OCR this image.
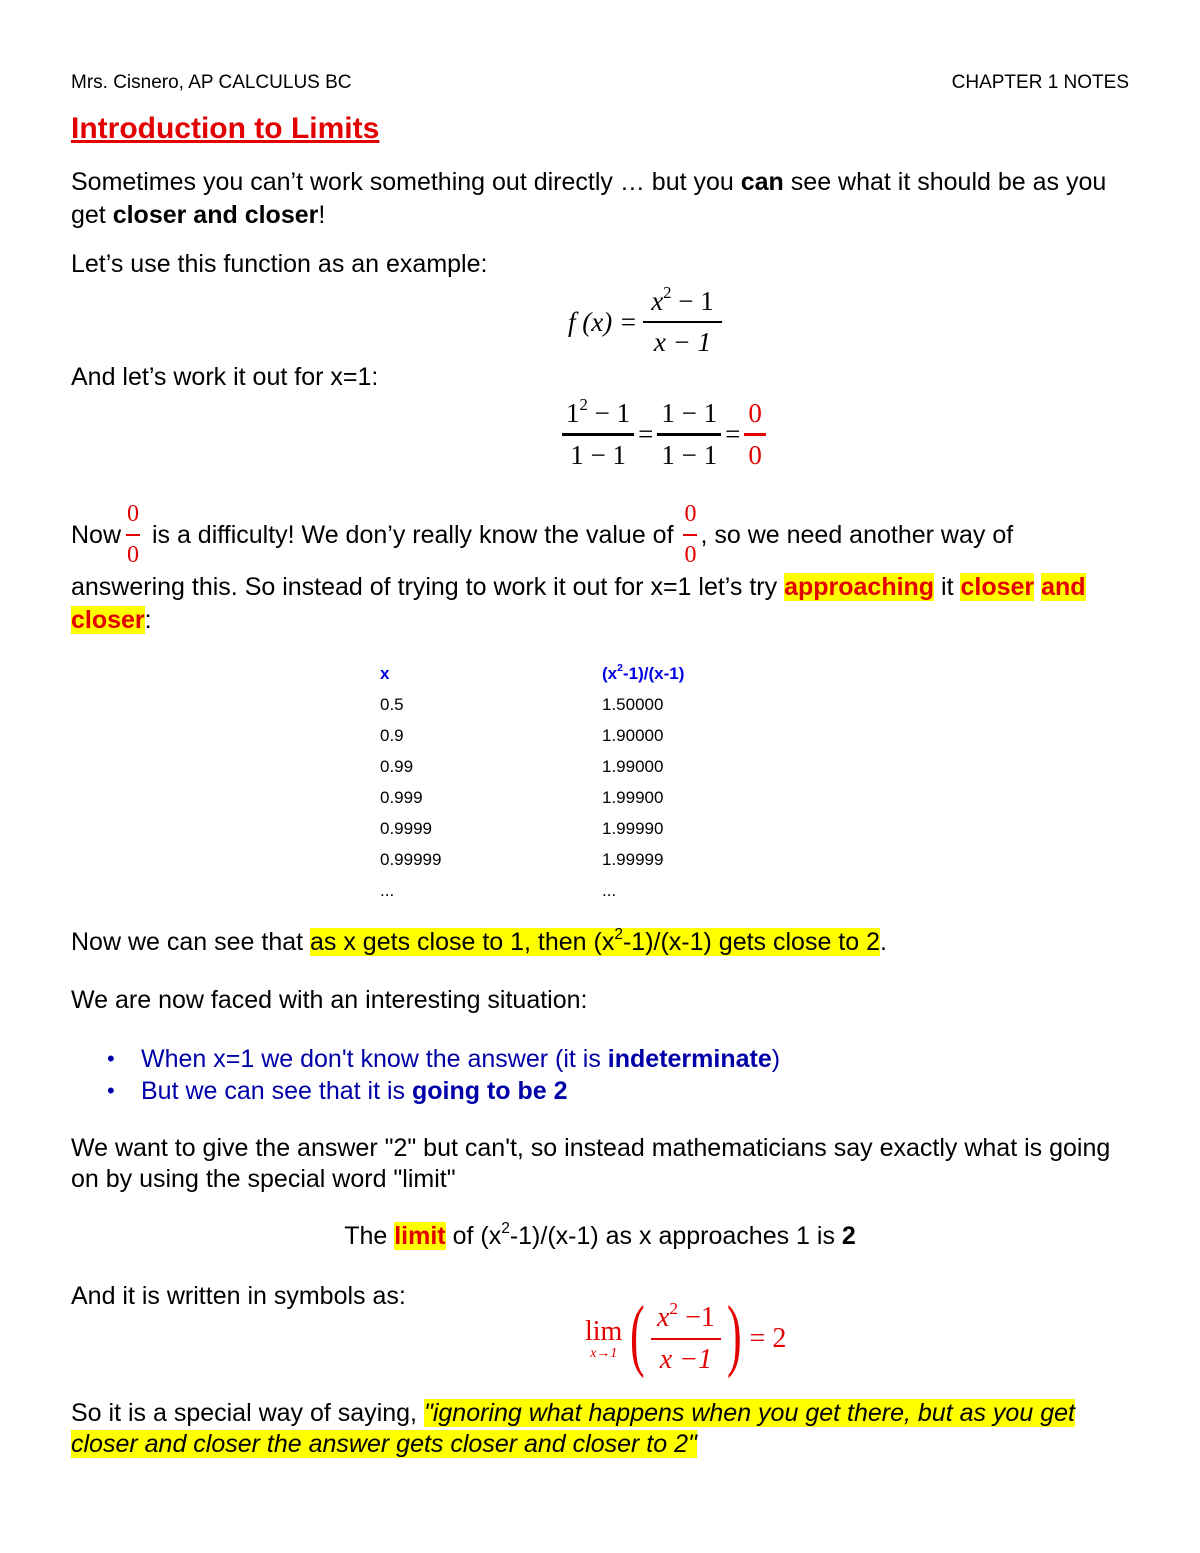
Mrs. Cisnero, AP CALCULUS BC	CHAPTER 1 NOTES
Introduction to Limits
Sometimes you can’t work something out directly … but you can see what it should be as you get closer and closer!
Let’s use this function as an example:
f $(x) = \frac{x^2 - 1}{x - 1}$
And let’s work it out for x=1:
$\frac{1^2 - 1}{1 - 1} = \frac{1 - 1}{1 - 1} = \frac{0}{0}$
Now $\frac{0}{0}$ is a difficulty! We don’y really know the value of $\frac{0}{0}$ , so we need another way of
answering this. So instead of trying to work it out for x=1 let’s try approaching it closer and closer:
x	$(x^2-1)/(x-1)$
0.5	1.50000
0.9	1.90000
0.99	1.99000
0.999	1.99900
0.9999	1.99990
0.99999	1.99999
...	...
Now we can see that as x gets close to 1, then $(x^2-1)/(x-1)$ gets close to 2.
We are now faced with an interesting situation:
• When x=1 we don't know the answer (it is indeterminate)
• But we can see that it is going to be 2
We want to give the answer "2" but can't, so instead mathematicians say exactly what is going on by using the special word "limit"
The limit of $(x^2-1)/(x-1)$ as x approaches 1 is 2
And it is written in symbols as:
lim
x→1 ( $\frac{x^2 -1}{x -1}$ ) = 2
So it is a special way of saying, "ignoring what happens when you get there, but as you get closer and closer the answer gets closer and closer to 2"
